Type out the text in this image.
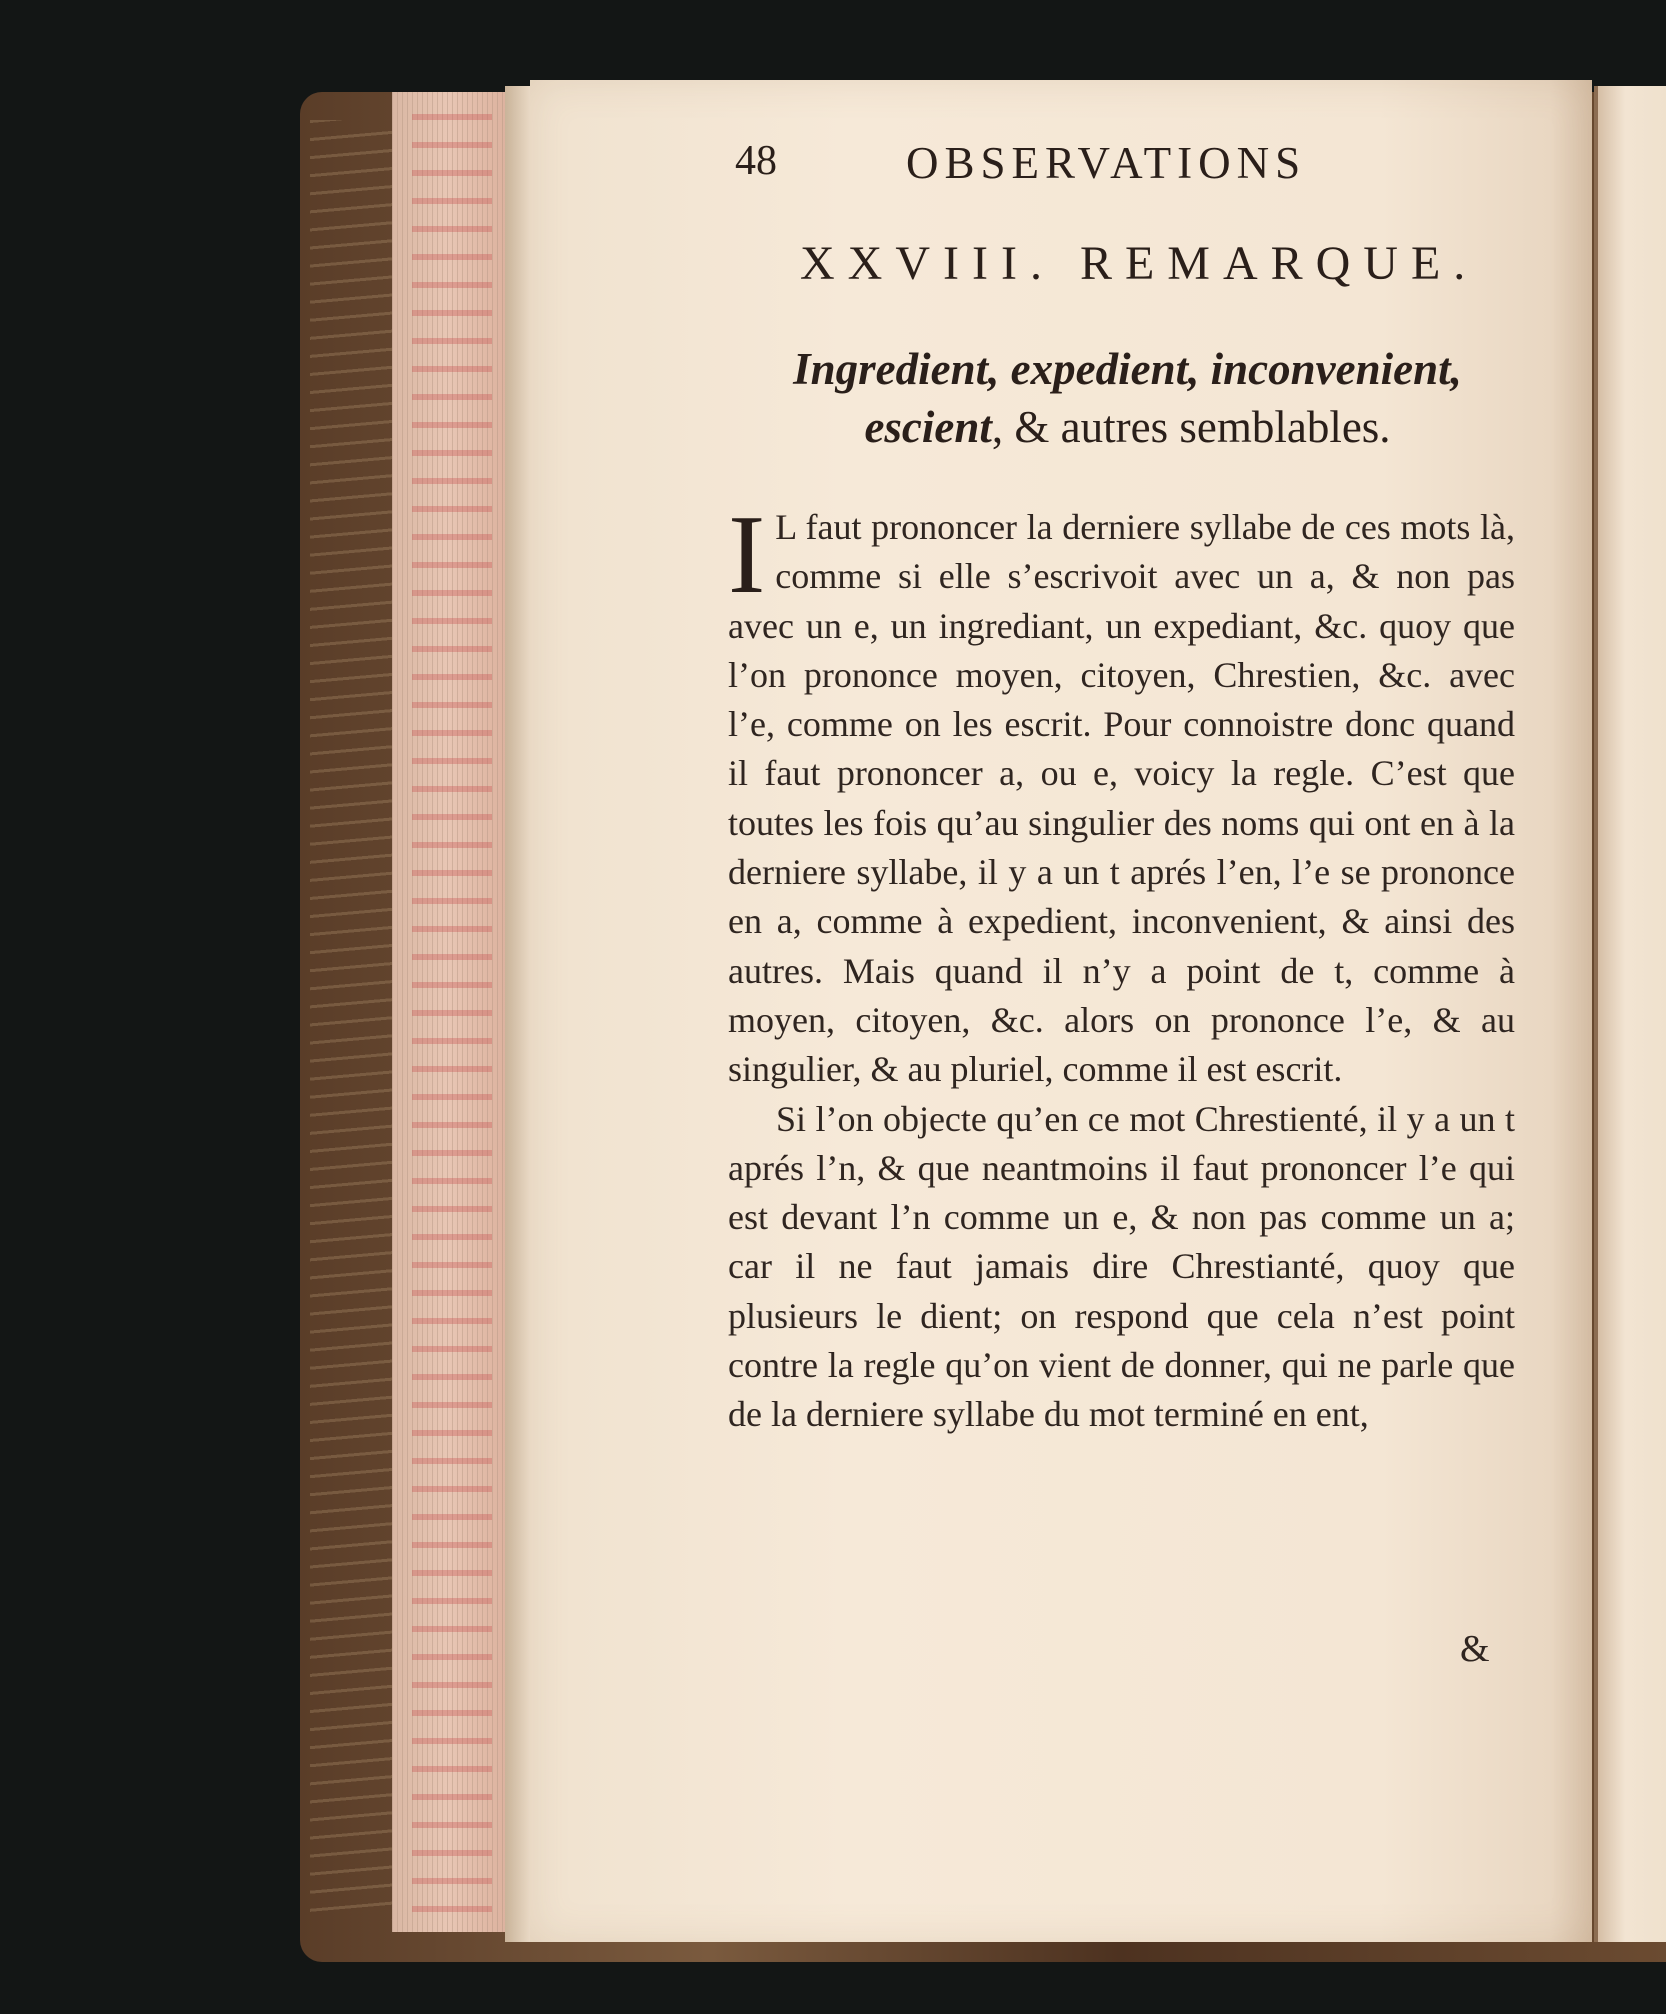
48	OBSERVATIONS
XXVIII. REMARQUE.
Ingredient, expedient, inconvenient,
escient, & autres semblables.

I L faut prononcer la derniere syllabe de ces mots là, comme si elle s’escrivoit avec un a, & non pas avec un e, un ingrediant, un expediant, &c. quoy que l’on prononce moyen, citoyen, Chrestien, &c. avec l’e, comme on les escrit. Pour connoistre donc quand il faut prononcer a, ou e, voicy la regle. C’est que toutes les fois qu’au singulier des noms qui ont en à la derniere syllabe, il y a un t aprés l’en, l’e se prononce en a, comme à expedient, inconvenient, & ainsi des autres. Mais quand il n’y a point de t, comme à moyen, citoyen, &c. alors on prononce l’e, & au singulier, & au pluriel, comme il est escrit.

Si l’on objecte qu’en ce mot Chrestienté, il y a un t aprés l’n, & que neantmoins il faut prononcer l’e qui est devant l’n comme un e, & non pas comme un a; car il ne faut jamais dire Chrestianté, quoy que plusieurs le dient; on respond que cela n’est point contre la regle qu’on vient de donner, qui ne parle que de la derniere syllabe du mot terminé en ent,

&
